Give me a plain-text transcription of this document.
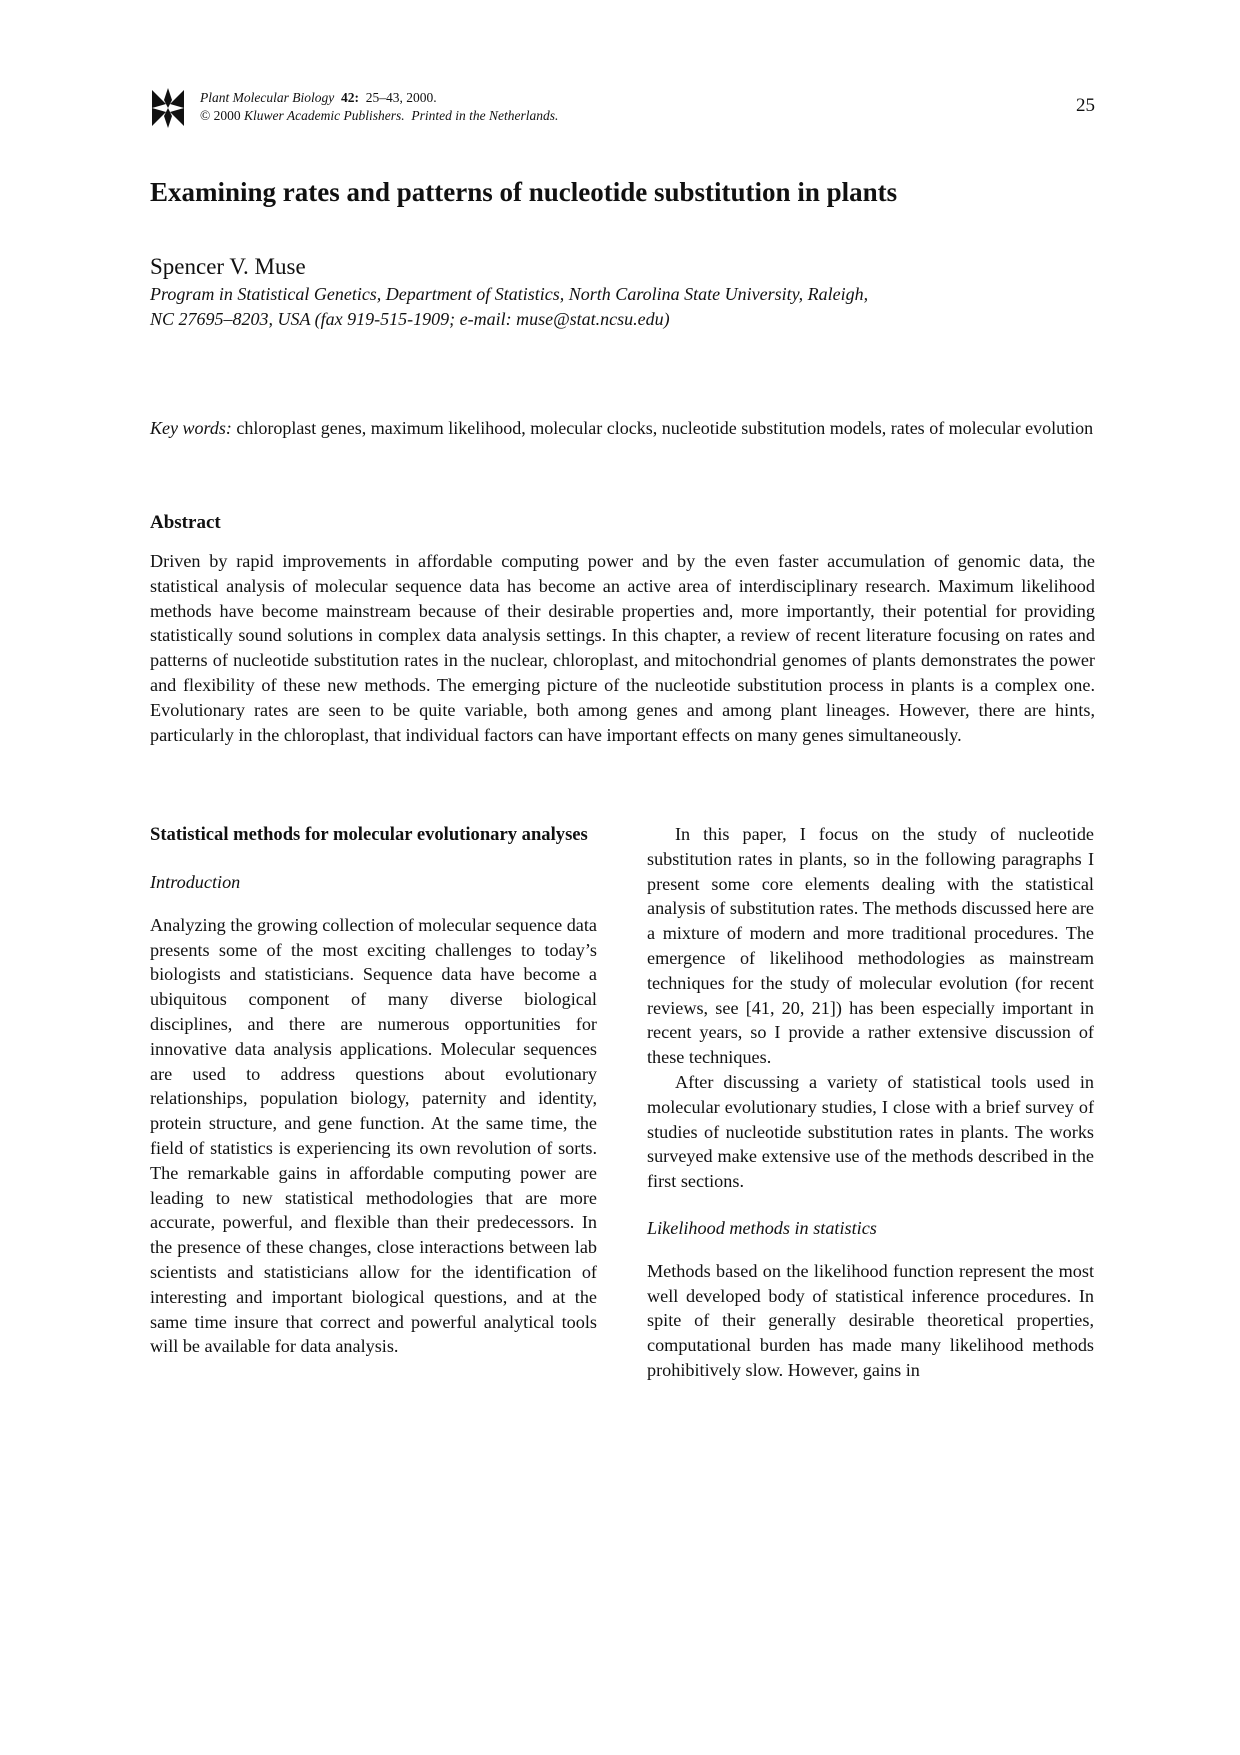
Plant Molecular Biology 42: 25–43, 2000.
© 2000 Kluwer Academic Publishers. Printed in the Netherlands.	25
Examining rates and patterns of nucleotide substitution in plants
Spencer V. Muse
Program in Statistical Genetics, Department of Statistics, North Carolina State University, Raleigh,
NC 27695–8203, USA (fax 919-515-1909; e-mail: muse@stat.ncsu.edu)
Key words: chloroplast genes, maximum likelihood, molecular clocks, nucleotide substitution models, rates of molecular evolution
Abstract
Driven by rapid improvements in affordable computing power and by the even faster accumulation of genomic data, the statistical analysis of molecular sequence data has become an active area of interdisciplinary research. Maximum likelihood methods have become mainstream because of their desirable properties and, more importantly, their potential for providing statistically sound solutions in complex data analysis settings. In this chapter, a review of recent literature focusing on rates and patterns of nucleotide substitution rates in the nuclear, chloroplast, and mitochondrial genomes of plants demonstrates the power and flexibility of these new methods. The emerging picture of the nucleotide substitution process in plants is a complex one. Evolutionary rates are seen to be quite variable, both among genes and among plant lineages. However, there are hints, particularly in the chloroplast, that individual factors can have important effects on many genes simultaneously.
Statistical methods for molecular evolutionary analyses

Introduction

Analyzing the growing collection of molecular sequence data presents some of the most exciting challenges to today’s biologists and statisticians. Sequence data have become a ubiquitous component of many diverse biological disciplines, and there are numerous opportunities for innovative data analysis applications. Molecular sequences are used to address questions about evolutionary relationships, population biology, paternity and identity, protein structure, and gene function. At the same time, the field of statistics is experiencing its own revolution of sorts. The remarkable gains in affordable computing power are leading to new statistical methodologies that are more accurate, powerful, and flexible than their predecessors. In the presence of these changes, close interactions between lab scientists and statisticians allow for the identification of interesting and important biological questions, and at the same time insure that correct and powerful analytical tools will be available for data analysis.

In this paper, I focus on the study of nucleotide substitution rates in plants, so in the following paragraphs I present some core elements dealing with the statistical analysis of substitution rates. The methods discussed here are a mixture of modern and more traditional procedures. The emergence of likelihood methodologies as mainstream techniques for the study of molecular evolution (for recent reviews, see [41, 20, 21]) has been especially important in recent years, so I provide a rather extensive discussion of these techniques.

After discussing a variety of statistical tools used in molecular evolutionary studies, I close with a brief survey of studies of nucleotide substitution rates in plants. The works surveyed make extensive use of the methods described in the first sections.

Likelihood methods in statistics

Methods based on the likelihood function represent the most well developed body of statistical inference procedures. In spite of their generally desirable theoretical properties, computational burden has made many likelihood methods prohibitively slow. However, gains in
